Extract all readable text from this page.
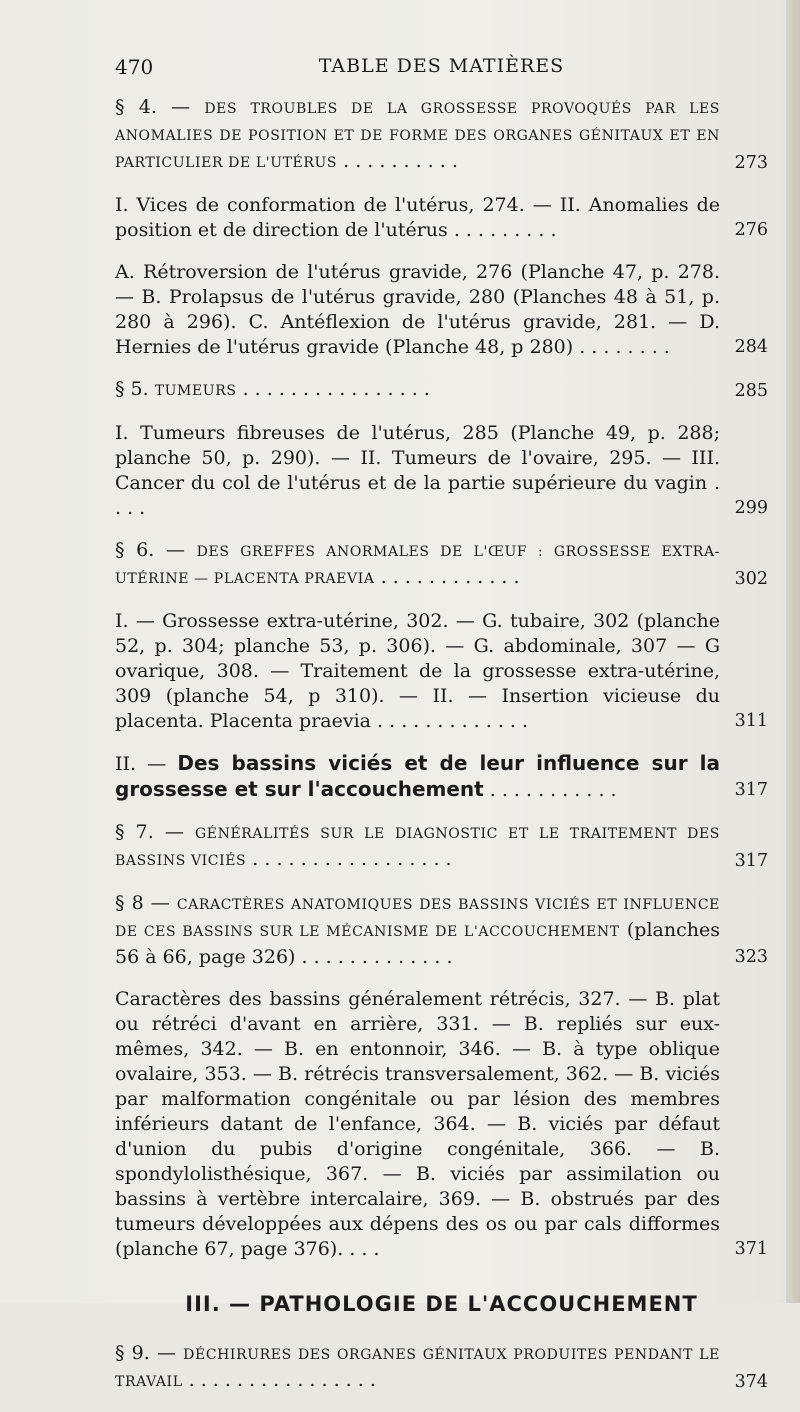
470	TABLE DES MATIÈRES

§ 4. — DES TROUBLES DE LA GROSSESSE PROVOQUÉS PAR LES ANOMALIES DE POSITION ET DE FORME DES ORGANES GÉNITAUX ET EN PARTICULIER DE L'UTÉRUS . . . . . . . . . .	273

I. Vices de conformation de l'utérus, 274. — II. Anomalies de position et de direction de l'utérus . . . . . . . . .	276

A. Rétroversion de l'utérus gravide, 276 (Planche 47, p. 278. — B. Prolapsus de l'utérus gravide, 280 (Planches 48 à 51, p. 280 à 296). C. Antéflexion de l'utérus gravide, 281. — D. Hernies de l'utérus gravide (Planche 48, p 280) . . . . . . . .	284

§ 5. TUMEURS . . . . . . . . . . . . . . . .	285

I. Tumeurs fibreuses de l'utérus, 285 (Planche 49, p. 288; planche 50, p. 290). — II. Tumeurs de l'ovaire, 295. — III. Cancer du col de l'utérus et de la partie supérieure du vagin . . . .	299

§ 6. — DES GREFFES ANORMALES DE L'ŒUF : GROSSESSE EXTRA-UTÉRINE — PLACENTA PRAEVIA . . . . . . . . . . . .	302

I. — Grossesse extra-utérine, 302. — G. tubaire, 302 (planche 52, p. 304; planche 53, p. 306). — G. abdominale, 307 — G ovarique, 308. — Traitement de la grossesse extra-utérine, 309 (planche 54, p 310). — II. — Insertion vicieuse du placenta. Placenta praevia . . . . . . . . . . . . .	311

II. — Des bassins viciés et de leur influence sur la grossesse et sur l'accouchement . . . . . . . . . . .	317

§ 7. — GÉNÉRALITÉS SUR LE DIAGNOSTIC ET LE TRAITEMENT DES BASSINS VICIÉS . . . . . . . . . . . . . . . . .	317

§ 8 — CARACTÈRES ANATOMIQUES DES BASSINS VICIÉS ET INFLUENCE DE CES BASSINS SUR LE MÉCANISME DE L'ACCOUCHEMENT (planches 56 à 66, page 326) . . . . . . . . . . . . .	323

Caractères des bassins généralement rétrécis, 327. — B. plat ou rétréci d'avant en arrière, 331. — B. repliés sur eux-mêmes, 342. — B. en entonnoir, 346. — B. à type oblique ovalaire, 353. — B. rétrécis transversalement, 362. — B. viciés par malformation congénitale ou par lésion des membres inférieurs datant de l'enfance, 364. — B. viciés par défaut d'union du pubis d'origine congénitale, 366. — B. spondylolisthésique, 367. — B. viciés par assimilation ou bassins à vertèbre intercalaire, 369. — B. obstrués par des tumeurs développées aux dépens des os ou par cals difformes (planche 67, page 376). . . .	371
III. — PATHOLOGIE DE L'ACCOUCHEMENT

§ 9. — DÉCHIRURES DES ORGANES GÉNITAUX PRODUITES PENDANT LE TRAVAIL . . . . . . . . . . . . . . . .	374
